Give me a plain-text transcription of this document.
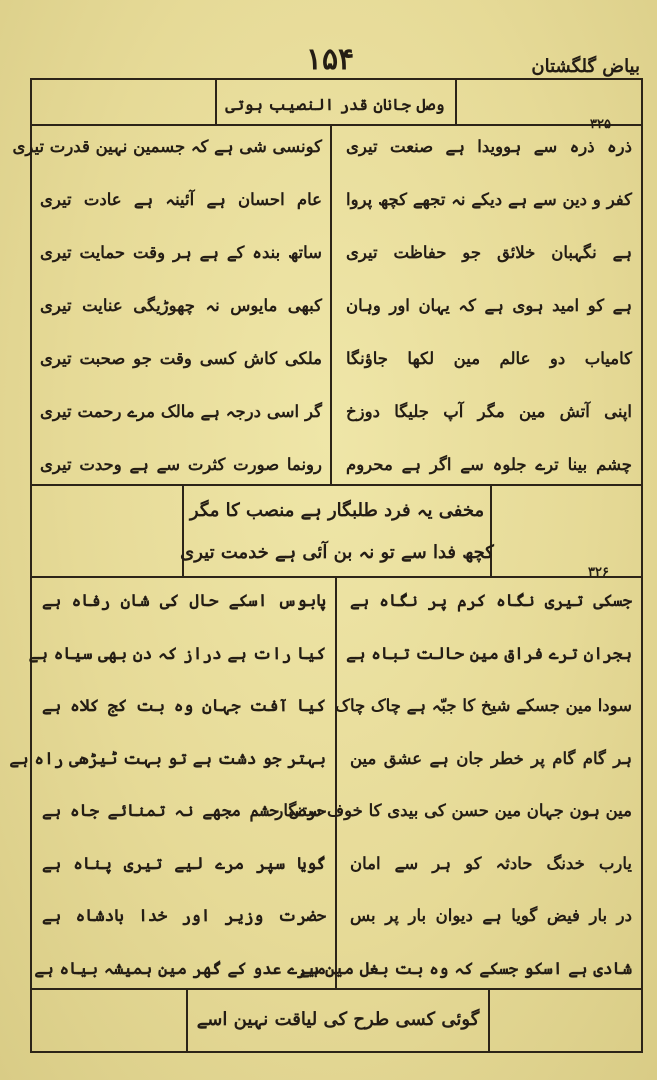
۱۵۴	بیاض گلگشتان
وصل جانان قدر النصیب ہوتی
۳۲۵
ذرہ ذرہ سے ہوویدا ہے صنعت تیری
کفر و دین سے ہے دیکے نہ تجھے کچھ پروا
ہے نگہبان خلائق جو حفاظت تیری
ہے کو امید ہوی ہے کہ یہان اور وہان
کامیاب دو عالم مین لکھا جاؤنگا
اپنی آتش مین مگر آپ جلیگا دوزخ
چشم بینا ترے جلوہ سے اگر ہے محروم
کونسی شی ہے کہ جسمین نہین قدرت تیری
عام احسان ہے آئینہ ہے عادت تیری
ساتھ بندہ کے ہے ہر وقت حمایت تیری
کبھی مایوس نہ چھوڑیگی عنایت تیری
ملکی کاش کسی وقت جو صحبت تیری
گر اسی درجہ ہے مالک مرے رحمت تیری
رونما صورت کثرت سے ہے وحدت تیری
مخفی یہ فرد طلبگار ہے منصب کا مگر
کچھ فدا سے تو نہ بن آئی ہے خدمت تیری
۳۲۶
جسکی تیری نگاہ کرم پر نگاہ ہے
ہجران ترے فراق مین حالت تباہ ہے
سودا مین جسکے شیخ کا جبّہ ہے چاک چاک
ہر گام گام پر خطر جان ہے عشق مین
مین ہون جہان مین حسن کی بیدی کا خوف ستنگار
یارب خدنگ حادثہ کو ہر سے امان
در بار فیض گویا ہے دیوان بار پر بس
شادی ہے اسکو جسکے کہ وہ بت بغل مین ہے
پابوس اسکے حال کی شان رفاہ ہے
کیا رات ہے دراز کہ دن بھی سیاہ ہے
کیا آفت جہان وہ بت کج کلاہ ہے
بہتر جو دشت ہے تو بہت ٹیڑھی راہ ہے
حرص حشم مجھے نہ تمنائے جاہ ہے
گویا سپر مرے لیے تیری پناہ ہے
حضرت وزیر اور خدا بادشاہ ہے
میرے عدو کے گھر مین ہمیشہ بیاہ ہے
گوئی کسی طرح کی لیاقت نہین اسے
